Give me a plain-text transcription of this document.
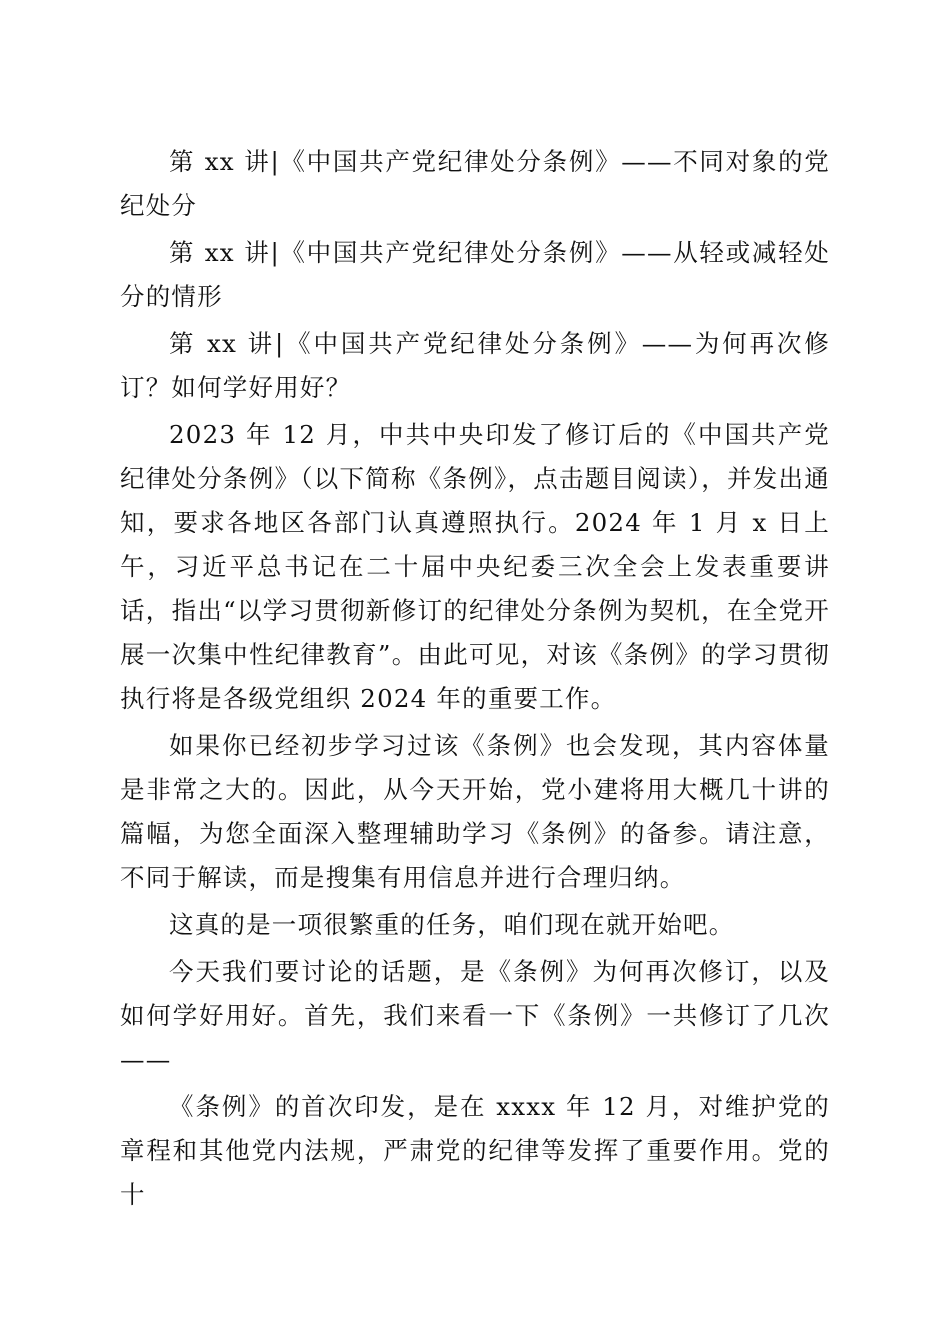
第 xx 讲|《中国共产党纪律处分条例》——不同对象的党纪处分

第 xx 讲|《中国共产党纪律处分条例》——从轻或减轻处分的情形

第 xx 讲|《中国共产党纪律处分条例》——为何再次修订？如何学好用好？

2023 年 12 月，中共中央印发了修订后的《中国共产党纪律处分条例》（以下简称《条例》，点击题目阅读），并发出通知，要求各地区各部门认真遵照执行。2024 年 1 月 x 日上午，习近平总书记在二十届中央纪委三次全会上发表重要讲话，指出“以学习贯彻新修订的纪律处分条例为契机，在全党开展一次集中性纪律教育”。由此可见，对该《条例》的学习贯彻执行将是各级党组织 2024 年的重要工作。

如果你已经初步学习过该《条例》也会发现，其内容体量是非常之大的。因此，从今天开始，党小建将用大概几十讲的篇幅，为您全面深入整理辅助学习《条例》的备参。请注意，不同于解读，而是搜集有用信息并进行合理归纳。

这真的是一项很繁重的任务，咱们现在就开始吧。

今天我们要讨论的话题，是《条例》为何再次修订，以及如何学好用好。首先，我们来看一下《条例》一共修订了几次——

《条例》的首次印发，是在 xxxx 年 12 月，对维护党的章程和其他党内法规，严肃党的纪律等发挥了重要作用。党的十
